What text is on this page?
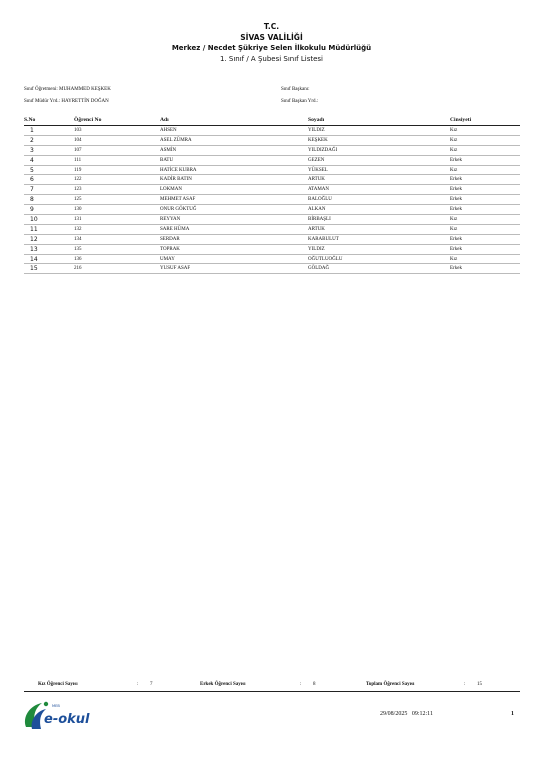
T.C.
SİVAS VALİLİĞİ
Merkez / Necdet Şükriye Selen İlkokulu Müdürlüğü
1. Sınıf / A Şubesi Sınıf Listesi
Sınıf Öğretmeni : MUHAMMED KEŞKEK	Sınıf Başkanı :
Sınıf Müdür Yrd. : HAYRETTİN DOĞAN	Sınıf Başkan Yrd. :
S.No	Öğrenci No	Adı	Soyadı	Cinsiyeti
1	103	AHSEN	YILDIZ	Kız
2	104	ASEL ZÜMRA	KEŞKEK	Kız
3	107	ASMİN	YILDIZDAĞI	Kız
4	111	BATU	GEZEN	Erkek
5	119	HATİCE KUBRA	YÜKSEL	Kız
6	122	KADİR BATIN	ARTUK	Erkek
7	123	LOKMAN	ATAMAN	Erkek
8	125	MEHMET ASAF	BALOĞLU	Erkek
9	130	ONUR GÖKTUĞ	ALKAN	Erkek
10	131	REYYAN	BİRBAŞLI	Kız
11	132	SARE HÜMA	ARTUK	Kız
12	134	SERDAR	KARABULUT	Erkek
13	135	TOPRAK	YILDIZ	Erkek
14	136	UMAY	OĞUTLUOĞLU	Kız
15	216	YUSUF ASAF	GÖLDAĞ	Erkek
Kız Öğrenci Sayısı	: 7	Erkek Öğrenci Sayısı	: 8	Toplam Öğrenci Sayısı	: 15
MEB
e-okul	29/08/2025   09:12:11	1
